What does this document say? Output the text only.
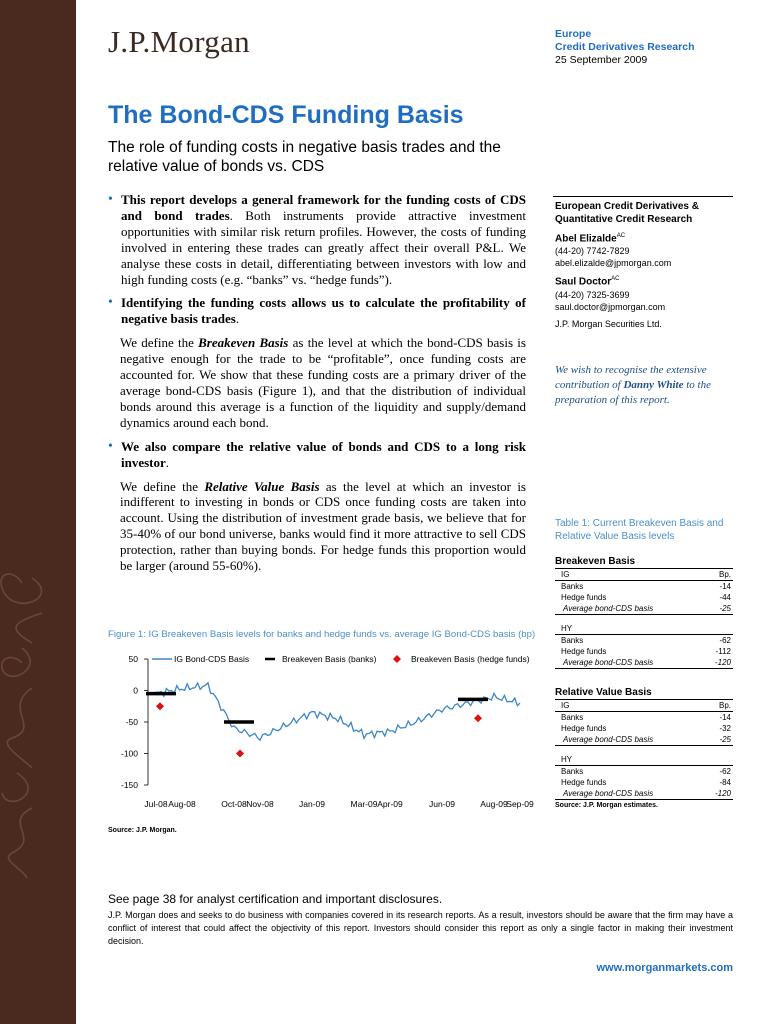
J.P.Morgan	Europe
Credit Derivatives Research
25 September 2009
The Bond-CDS Funding Basis
The role of funding costs in negative basis trades and the relative value of bonds vs. CDS
• This report develops a general framework for the funding costs of CDS and bond trades. Both instruments provide attractive investment opportunities with similar risk return profiles. However, the costs of funding involved in entering these trades can greatly affect their overall P&L. We analyse these costs in detail, differentiating between investors with low and high funding costs (e.g. “banks” vs. “hedge funds”).
• Identifying the funding costs allows us to calculate the profitability of negative basis trades.
We define the Breakeven Basis as the level at which the bond-CDS basis is negative enough for the trade to be “profitable”, once funding costs are accounted for. We show that these funding costs are a primary driver of the average bond-CDS basis (Figure 1), and that the distribution of individual bonds around this average is a function of the liquidity and supply/demand dynamics around each bond.
• We also compare the relative value of bonds and CDS to a long risk investor.
We define the Relative Value Basis as the level at which an investor is indifferent to investing in bonds or CDS once funding costs are taken into account. Using the distribution of investment grade basis, we believe that for 35-40% of our bond universe, banks would find it more attractive to sell CDS protection, rather than buying bonds. For hedge funds this proportion would be larger (around 55-60%).
European Credit Derivatives & Quantitative Credit Research
Abel Elizalde$^{AC}$
(44-20) 7742-7829
abel.elizalde@jpmorgan.com
Saul Doctor$^{AC}$
(44-20) 7325-3699
saul.doctor@jpmorgan.com
J.P. Morgan Securities Ltd.
We wish to recognise the extensive contribution of Danny White to the preparation of this report.
Table 1: Current Breakeven Basis and Relative Value Basis levels
Breakeven Basis
IG	Bp.
Banks	-14
Hedge funds	-44
Average bond-CDS basis	-25
HY
Banks	-62
Hedge funds	-112
Average bond-CDS basis	-120
Relative Value Basis
IG	Bp.
Banks	-14
Hedge funds	-32
Average bond-CDS basis	-25
HY
Banks	-62
Hedge funds	-84
Average bond-CDS basis	-120
Source: J.P. Morgan estimates.
Figure 1: IG Breakeven Basis levels for banks and hedge funds vs. average IG Bond-CDS basis (bp)
50
0
-50
-100
-150
Jul-08 Aug-08	Oct-08 Nov-08	Jan-09	Mar-09 Apr-09	Jun-09	Aug-09
Sep-09
IG Bond-CDS Basis	Breakeven Basis (banks)	Breakeven Basis (hedge funds)
Source: J.P. Morgan.
See page 38 for analyst certification and important disclosures.
J.P. Morgan does and seeks to do business with companies covered in its research reports. As a result, investors should be aware that the firm may have a conflict of interest that could affect the objectivity of this report. Investors should consider this report as only a single factor in making their investment decision.
www.morganmarkets.com
